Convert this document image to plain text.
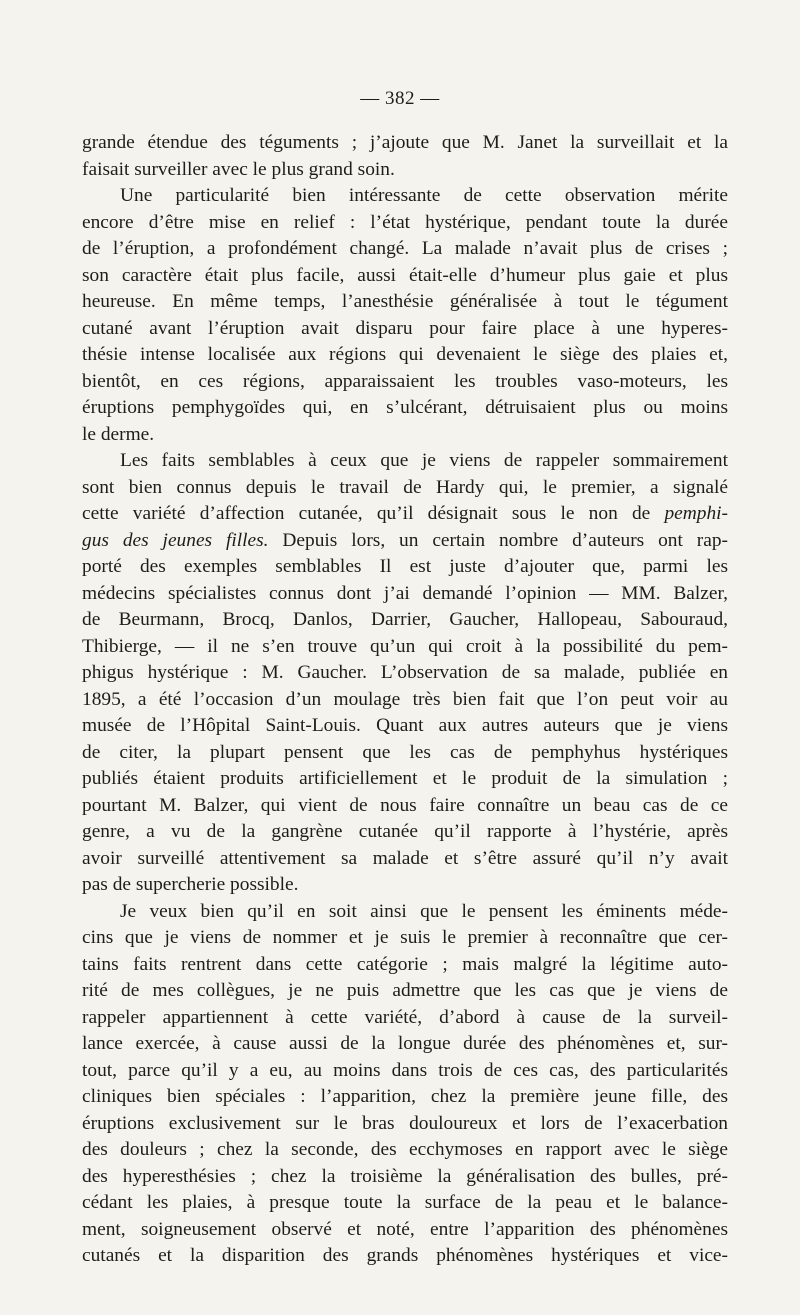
— 382 —
grande étendue des téguments ; j’ajoute que M. Janet la surveillait et la
faisait surveiller avec le plus grand soin.
Une particularité bien intéressante de cette observation mérite
encore d’être mise en relief : l’état hystérique, pendant toute la durée
de l’éruption, a profondément changé. La malade n’avait plus de crises ;
son caractère était plus facile, aussi était-elle d’humeur plus gaie et plus
heureuse. En même temps, l’anesthésie généralisée à tout le tégument
cutané avant l’éruption avait disparu pour faire place à une hyperes-
thésie intense localisée aux régions qui devenaient le siège des plaies et,
bientôt, en ces régions, apparaissaient les troubles vaso-moteurs, les
éruptions pemphygoïdes qui, en s’ulcérant, détruisaient plus ou moins
le derme.
Les faits semblables à ceux que je viens de rappeler sommairement
sont bien connus depuis le travail de Hardy qui, le premier, a signalé
cette variété d’affection cutanée, qu’il désignait sous le non de pemphi-
gus des jeunes filles. Depuis lors, un certain nombre d’auteurs ont rap-
porté des exemples semblables Il est juste d’ajouter que, parmi les
médecins spécialistes connus dont j’ai demandé l’opinion — MM. Balzer,
de Beurmann, Brocq, Danlos, Darrier, Gaucher, Hallopeau, Sabouraud,
Thibierge, — il ne s’en trouve qu’un qui croit à la possibilité du pem-
phigus hystérique : M. Gaucher. L’observation de sa malade, publiée en
1895, a été l’occasion d’un moulage très bien fait que l’on peut voir au
musée de l’Hôpital Saint-Louis. Quant aux autres auteurs que je viens
de citer, la plupart pensent que les cas de pemphyhus hystériques
publiés étaient produits artificiellement et le produit de la simulation ;
pourtant M. Balzer, qui vient de nous faire connaître un beau cas de ce
genre, a vu de la gangrène cutanée qu’il rapporte à l’hystérie, après
avoir surveillé attentivement sa malade et s’être assuré qu’il n’y avait
pas de supercherie possible.
Je veux bien qu’il en soit ainsi que le pensent les éminents méde-
cins que je viens de nommer et je suis le premier à reconnaître que cer-
tains faits rentrent dans cette catégorie ; mais malgré la légitime auto-
rité de mes collègues, je ne puis admettre que les cas que je viens de
rappeler appartiennent à cette variété, d’abord à cause de la surveil-
lance exercée, à cause aussi de la longue durée des phénomènes et, sur-
tout, parce qu’il y a eu, au moins dans trois de ces cas, des particularités
cliniques bien spéciales : l’apparition, chez la première jeune fille, des
éruptions exclusivement sur le bras douloureux et lors de l’exacerbation
des douleurs ; chez la seconde, des ecchymoses en rapport avec le siège
des hyperesthésies ; chez la troisième la généralisation des bulles, pré-
cédant les plaies, à presque toute la surface de la peau et le balance-
ment, soigneusement observé et noté, entre l’apparition des phénomènes
cutanés et la disparition des grands phénomènes hystériques et vice-
